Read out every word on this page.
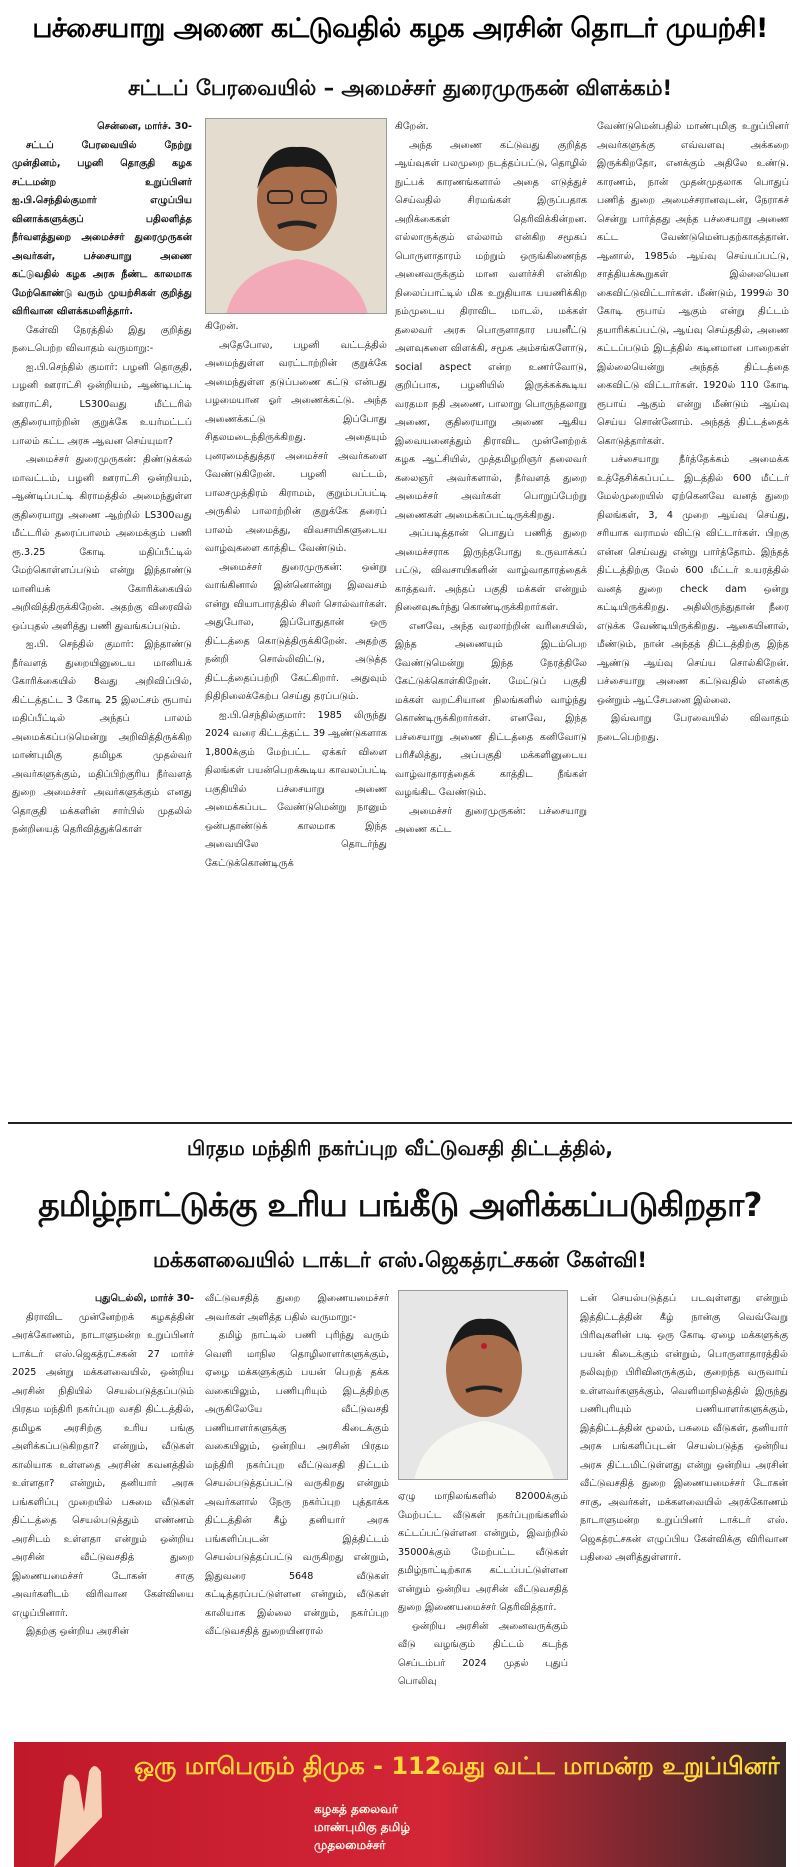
பச்சையாறு அணை கட்டுவதில் கழக அரசின் தொடர் முயற்சி!
சட்டப் பேரவையில் – அமைச்சர் துரைமுருகன் விளக்கம்!
சென்னை, மார்ச். 30-

சட்டப் பேரவையில் நேற்று முன்தினம், பழனி தொகுதி கழக சட்டமன்ற உறுப்பினர் ஐ.பி.செந்தில்குமார் எழுப்பிய வினாக்களுக்குப் பதிலளித்த நீர்வளத்துறை அமைச்சர் துரைமுருகன் அவர்கள், பச்சையாறு அணை கட்டுவதில் கழக அரசு நீண்ட காலமாக மேற்கொண்டு வரும் முயற்சிகள் குறித்து விரிவான விளக்கமளித்தார்.

கேள்வி நேரத்தில் இது குறித்து நடைபெற்ற விவாதம் வருமாறு:-

ஐ.பி.செந்தில் குமார்: பழனி தொகுதி, பழனி ஊராட்சி ஒன்றியம், ஆண்டிபட்டி ஊராட்சி, LS300வது மீட்டரில் குதிரையாற்றின் குறுக்கே உயர்மட்டப் பாலம் கட்ட அரசு ஆவன செய்யுமா?

அமைச்சர் துரைமுருகன்: திண்டுக்கல் மாவட்டம், பழனி ஊராட்சி ஒன்றியம், ஆண்டிப்பட்டி கிராமத்தில் அமைந்துள்ள குதிரையாறு அணை ஆற்றில் LS300வது மீட்டரில் தரைப்பாலம் அமைக்கும் பணி ரூ.3.25 கோடி மதிப்பீட்டில் மேற்கொள்ளப்படும் என்று இந்தாண்டு மானியக் கோரிக்கையில் அறிவித்திருக்கிறேன். அதற்கு விரைவில் ஒப்புதல் அளித்து பணி துவங்கப்படும்.

ஐ.பி. செந்தில் குமார்: இந்தாண்டு நீர்வளத் துறையினுடைய மானியக் கோரிக்கையில் 8வது அறிவிப்பில், கிட்டத்தட்ட 3 கோடி 25 இலட்சம் ரூபாய் மதிப்பீட்டில் அந்தப் பாலம் அமைக்கப்படுமென்று அறிவித்திருக்கிற மாண்புமிகு தமிழக முதல்வர் அவர்களுக்கும், மதிப்பிற்குரிய நீர்வளத் துறை அமைச்சர் அவர்களுக்கும் எனது தொகுதி மக்களின் சார்பில் முதலில் நன்றியைத் தெரிவித்துக்கொள்

கிறேன்.

அதேபோல, பழனி வட்டத்தில் அமைந்துள்ள வரட்டாற்றின் குறுக்கே அமைந்துள்ள தடுப்பணை கட்டு என்பது பழமையான ஓர் அணைக்கட்டு. அந்த அணைக்கட்டு இப்போது சிதலமடைந்திருக்கிறது. அதையும் புனரமைத்துத்தர அமைச்சர் அவர்களை வேண்டுகிறேன். பழனி வட்டம், பாலசமுத்திரம் கிராமம், குறும்பப்பட்டி அருகில் பாலாற்றின் குறுக்கே தரைப் பாலம் அமைத்து, விவசாயிகளுடைய வாழ்வுகளை காத்திட வேண்டும்.

அமைச்சர் துரைமுருகன்: ஒன்று வாங்கினால் இன்னொன்று இலவசம் என்று வியாபாரத்தில் சிலர் சொல்வார்கள். அதுபோல, இப்போதுதான் ஒரு திட்டத்தை கொடுத்திருக்கிறேன். அதற்கு நன்றி சொல்லிவிட்டு, அடுத்த திட்டத்தைப்பற்றி கேட்கிறார். அதுவும் நிதிநிலைக்கேற்ப செய்து தரப்படும்.

ஐ.பி.செந்தில்குமார்: 1985 லிருந்து 2024 வரை கிட்டத்தட்ட 39 ஆண்டுகளாக 1,800க்கும் மேற்பட்ட ஏக்கர் விளை நிலங்கள் பயன்பெறக்கூடிய காவலப்பட்டி பகுதியில் பச்சையாறு அணை அமைக்கப்பட வேண்டுமென்று நானும் ஒன்பதாண்டுக் காலமாக இந்த அவையிலே தொடர்ந்து கேட்டுக்கொண்டிருக்

கிறேன்.

அந்த அணை கட்டுவது குறித்த ஆய்வுகள் பலமுறை நடத்தப்பட்டு, தொழில் நுட்பக் காரணங்களால் அதை எடுத்துச் செய்வதில் சிரமங்கள் இருப்பதாக அறிக்கைகள் தெரிவிக்கின்றன. எல்லாருக்கும் எல்லாம் என்கிற சமூகப் பொருளாதாரம் மற்றும் ஒருங்கிணைந்த அனைவருக்கும் மான வளர்ச்சி என்கிற நிலைப்பாட்டில் மிக உறுதியாக பயணிக்கிற நம்முடைய திராவிட மாடல், மக்கள் தலைவர் அரசு பொருளாதார பயனீட்டு அளவுகளை விளக்கி, சமூக அம்சங்களோடு, social aspect என்ற உணர்வோடு, குறிப்பாக, பழனியில் இருக்கக்கூடிய வரதமா நதி அணை, பாலாறு பொருந்தலாறு அணை, குதிரையாறு அணை ஆகிய இவையனைத்தும் திராவிட முன்னேற்றக் கழக ஆட்சியில், முத்தமிழறிஞர் தலைவர் கலைஞர் அவர்களால், நீர்வளத் துறை அமைச்சர் அவர்கள் பொறுப்பேற்று அணைகள் அமைக்கப்பட்டிருக்கிறது.

அப்படித்தான் பொதுப் பணித் துறை அமைச்சராக இருந்தபோது உருவாக்கப் பட்டு, விவசாயிகளின் வாழ்வாதாரத்தைக் காத்தவர். அந்தப் பகுதி மக்கள் என்றும் நினைவுகூர்ந்து கொண்டிருக்கிறார்கள்.

எனவே, அந்த வரலாற்றின் வரிசையில், இந்த அணையும் இடம்பெற வேண்டுமென்று இந்த நேரத்திலே கேட்டுக்கொள்கிறேன். மேட்டுப் பகுதி மக்கள் வறட்சியான நிலங்களில் வாழ்ந்து கொண்டிருக்கிறார்கள். எனவே, இந்த பச்சையாறு அணை திட்டத்தை கனிவோடு பரிசீலித்து, அப்பகுதி மக்களினுடைய வாழ்வாதாரத்தைக் காத்திட நீங்கள் வழங்கிட வேண்டும்.

அமைச்சர் துரைமுருகன்: பச்சையாறு அணை கட்ட

வேண்டுமென்பதில் மாண்புமிகு உறுப்பினர் அவர்களுக்கு எவ்வளவு அக்கறை இருக்கிறதோ, எனக்கும் அதிலே உண்டு. காரணம், நான் முதன்முதலாக பொதுப் பணித் துறை அமைச்சரானவுடன், நேராகச் சென்று பார்த்தது அந்த பச்சையாறு அணை கட்ட வேண்டுமென்பதற்காகத்தான். ஆனால், 1985ல் ஆய்வு செய்யப்பட்டு, சாத்தியக்கூறுகள் இல்லையென கைவிட்டுவிட்டார்கள். மீண்டும், 1999ல் 30 கோடி ரூபாய் ஆகும் என்று திட்டம் தயாரிக்கப்பட்டு, ஆய்வு செய்ததில், அணை கட்டப்படும் இடத்தில் கடினமான பாறைகள் இல்லையென்று அந்தத் திட்டத்தை கைவிட்டு விட்டார்கள். 1920ல் 110 கோடி ரூபாய் ஆகும் என்று மீண்டும் ஆய்வு செய்ய சொன்னோம். அந்தத் திட்டத்தைக் கொடுத்தார்கள்.

பச்சையாறு நீர்த்தேக்கம் அமைக்க உத்தேசிக்கப்பட்ட இடத்தில் 600 மீட்டர் மேல்முறையில் ஏற்கெனவே வனத் துறை நிலங்கள், 3, 4 முறை ஆய்வு செய்து, சரியாக வராமல் விட்டு விட்டார்கள். பிறகு என்ன செய்வது என்று பார்த்தோம். இந்தத் திட்டத்திற்கு மேல் 600 மீட்டர் உயரத்தில் வனத் துறை check dam ஒன்று கட்டியிருக்கிறது. அதிலிருந்துதான் நீரை எடுக்க வேண்டியிருக்கிறது. ஆகையினால், மீண்டும், நான் அந்தத் திட்டத்திற்கு இந்த ஆண்டு ஆய்வு செய்ய சொல்கிறேன். பச்சையாறு அணை கட்டுவதில் எனக்கு ஒன்றும் ஆட்சேபனை இல்லை.

இவ்வாறு பேரவையில் விவாதம் நடைபெற்றது.

பிரதம மந்திரி நகர்ப்புற வீட்டுவசதி திட்டத்தில்,
தமிழ்நாட்டுக்கு உரிய பங்கீடு அளிக்கப்படுகிறதா?
மக்களவையில் டாக்டர் எஸ்.ஜெகத்ரட்சகன் கேள்வி!
புதுடெல்லி, மார்ச் 30-

திராவிட முன்னேற்றக் கழகத்தின் அரக்கோணம், நாடாளுமன்ற உறுப்பினர் டாக்டர் எஸ்.ஜெகத்ரட்சகன் 27 மார்ச் 2025 அன்று மக்களவையில், ஒன்றிய அரசின் நிதியில் செயல்படுத்தப்படும் பிரதம மந்திரி நகர்ப்புற வசதி திட்டத்தில், தமிழக அரசிற்கு உரிய பங்கு அளிக்கப்படுகிறதா? என்றும், வீடுகள் காலியாக உள்ளதை அரசின் கவனத்தில் உள்ளதா? என்றும், தனியார் அரசு பங்களிப்பு முறையில் பசுமை வீடுகள் திட்டத்தை செயல்படுத்தும் எண்ணம் அரசிடம் உள்ளதா என்றும் ஒன்றிய அரசின் வீட்டுவசதித் துறை இணையமைச்சர் டோகன் சாகு அவர்களிடம் விரிவான கேள்வியை எழுப்பினார்.

இதற்கு ஒன்றிய அரசின்

வீட்டுவசதித் துறை இணையமைச்சர் அவர்கள் அளித்த பதில் வருமாறு:-

தமிழ் நாட்டில் பணி புரிந்து வரும் வெளி மாநில தொழிலாளர்களுக்கும், ஏழை மக்களுக்கும் பயன் பெறத் தக்க வகையிலும், பணிபுரியும் இடத்திற்கு அருகிலேயே வீட்டுவசதி பணியாளர்களுக்கு கிடைக்கும் வகையிலும், ஒன்றிய அரசின் பிரதம மந்திரி நகர்ப்புற வீட்டுவசதி திட்டம் செயல்படுத்தப்பட்டு வருகிறது என்றும் அவர்களால் நேரு நகர்ப்புற புத்தாக்க திட்டத்தின் கீழ் தனியார் அரசு பங்களிப்புடன் இத்திட்டம் செயல்படுத்தப்பட்டு வருகிறது என்றும், இதுவரை 5648 வீடுகள் கட்டித்தரப்பட்டுள்ளன என்றும், வீடுகள் காலியாக இல்லை என்றும், நகர்ப்புற வீட்டுவசதித் துறையினரால்

ஏழு மாநிலங்களில் 82000க்கும் மேற்பட்ட வீடுகள் நகர்ப்புறங்களில் கட்டப்பட்டுள்ளன என்றும், இவற்றில் 35000க்கும் மேற்பட்ட வீடுகள் தமிழ்நாட்டிற்காக கட்டப்பட்டுள்ளன என்றும் ஒன்றிய அரசின் வீட்டுவசதித் துறை இணையமைச்சர் தெரிவித்தார்.

ஒன்றிய அரசின் அனைவருக்கும் வீடு வழங்கும் திட்டம் கடந்த செப்டம்பர் 2024 முதல் புதுப் பொலிவு

டன் செயல்படுத்தப் படவுள்ளது என்றும் இத்திட்டத்தின் கீழ் நான்கு வெவ்வேறு பிரிவுகளின் படி ஒரு கோடி ஏழை மக்களுக்கு பயன் கிடைக்கும் என்றும், பொருளாதாரத்தில் நலிவுற்ற பிரிவினருக்கும், குறைந்த வருவாய் உள்ளவர்களுக்கும், வெளிமாநிலத்தில் இருந்து பணிபுரியும் பணியாளர்களுக்கும், இத்திட்டத்தின் மூலம், பசுமை வீடுகள், தனியார் அரசு பங்களிப்புடன் செயல்படுத்த ஒன்றிய அரசு திட்டமிட்டுள்ளது என்று ஒன்றிய அரசின் வீட்டுவசதித் துறை இணையமைச்சர் டோகன் சாகு, அவர்கள், மக்களவையில் அரக்கோணம் நாடாளுமன்ற உறுப்பினர் டாக்டர் எஸ். ஜெகத்ரட்சகன் எழுப்பிய கேள்விக்கு விரிவான பதிலை அளித்துள்ளார்.

ஒரு மாபெரும் திமுக - 112வது வட்ட மாமன்ற உறுப்பினர்
கழகத் தலைவர்
மாண்புமிகு தமிழ்
முதலமைச்சர்
